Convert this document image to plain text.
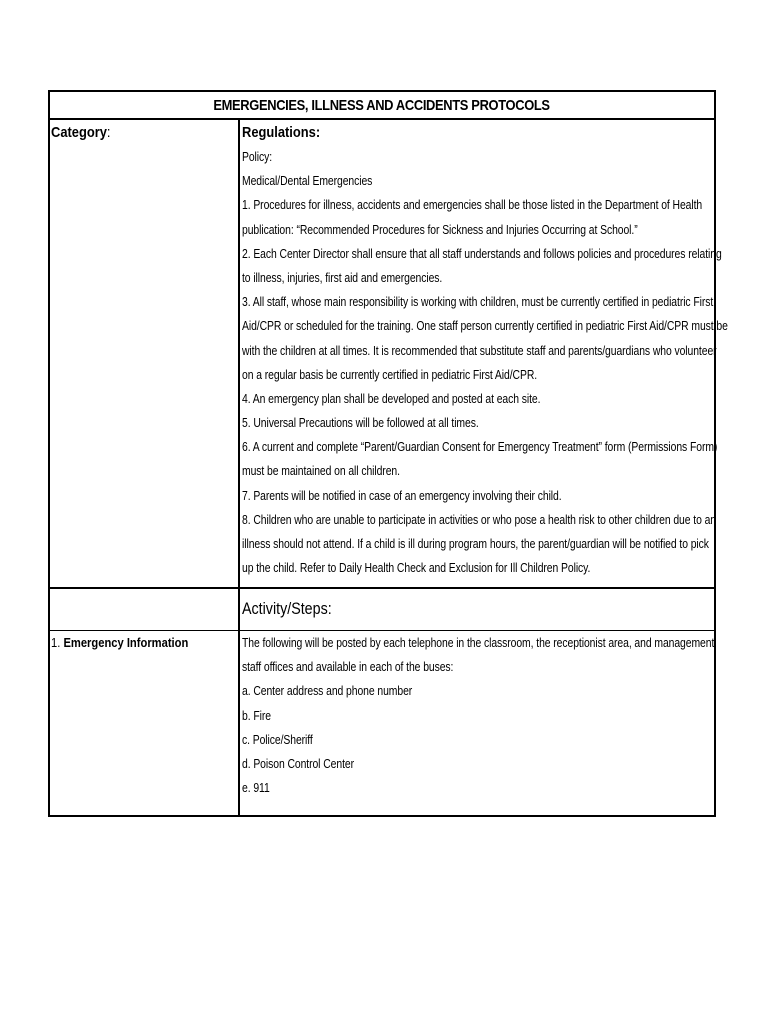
EMERGENCIES, ILLNESS AND ACCIDENTS PROTOCOLS
Category:	Regulations:
Policy:
Medical/Dental Emergencies
1. Procedures for illness, accidents and emergencies shall be those listed in the Department of Health
publication: “Recommended Procedures for Sickness and Injuries Occurring at School.”
2. Each Center Director shall ensure that all staff understands and follows policies and procedures relating
to illness, injuries, first aid and emergencies.
3. All staff, whose main responsibility is working with children, must be currently certified in pediatric First
Aid/CPR or scheduled for the training. One staff person currently certified in pediatric First Aid/CPR must be
with the children at all times. It is recommended that substitute staff and parents/guardians who volunteer
on a regular basis be currently certified in pediatric First Aid/CPR.
4. An emergency plan shall be developed and posted at each site.
5. Universal Precautions will be followed at all times.
6. A current and complete “Parent/Guardian Consent for Emergency Treatment” form (Permissions Form)
must be maintained on all children.
7. Parents will be notified in case of an emergency involving their child.
8. Children who are unable to participate in activities or who pose a health risk to other children due to an
illness should not attend. If a child is ill during program hours, the parent/guardian will be notified to pick
up the child. Refer to Daily Health Check and Exclusion for Ill Children Policy.
Activity/Steps:
1. Emergency Information	The following will be posted by each telephone in the classroom, the receptionist area, and management
staff offices and available in each of the buses:
a. Center address and phone number
b. Fire
c. Police/Sheriff
d. Poison Control Center
e. 911
